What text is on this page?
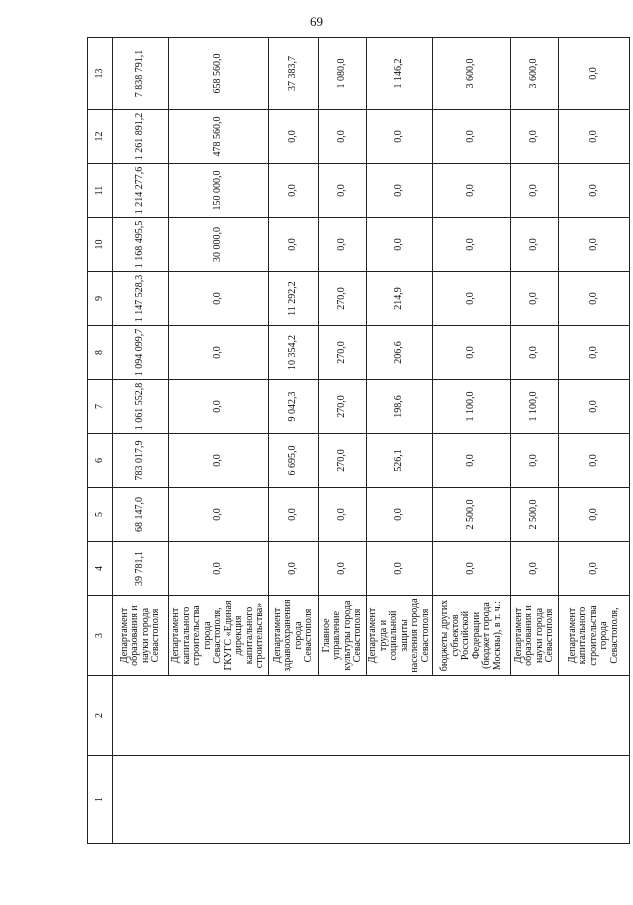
69
1	2	3	4	5	6	7	8	9	10	11	12	13
		Департамент образования и науки города Севастополя	39 781,1	68 147,0	783 017,9	1 061 552,8	1 094 099,7	1 147 528,3	1 168 495,5	1 214 277,6	1 261 891,2	7 838 791,1
		Департамент капитального строительства города Севастополя, ГКУГС «Единая дирекция капитального строительства»	0,0	0,0	0,0	0,0	0,0	0,0	30 000,0	150 000,0	478 560,0	658 560,0
		Департамент здравоохранения города Севастополя	0,0	0,0	6 695,0	9 042,3	10 354,2	11 292,2	0,0	0,0	0,0	37 383,7
		Главное управление культуры города Севастополя	0,0	0,0	270,0	270,0	270,0	270,0	0,0	0,0	0,0	1 080,0
		Департамент труда и социальной защиты населения города Севастополя	0,0	0,0	526,1	198,6	206,6	214,9	0,0	0,0	0,0	1 146,2
		бюджеты других субъектов Российской Федерации (бюджет города Москвы), в т. ч.:	0,0	2 500,0	0,0	1 100,0	0,0	0,0	0,0	0,0	0,0	3 600,0
		Департамент образования и науки города Севастополя	0,0	2 500,0	0,0	1 100,0	0,0	0,0	0,0	0,0	0,0	3 600,0
		Департамент капитального строительства города Севастополя,	0,0	0,0	0,0	0,0	0,0	0,0	0,0	0,0	0,0	0,0
